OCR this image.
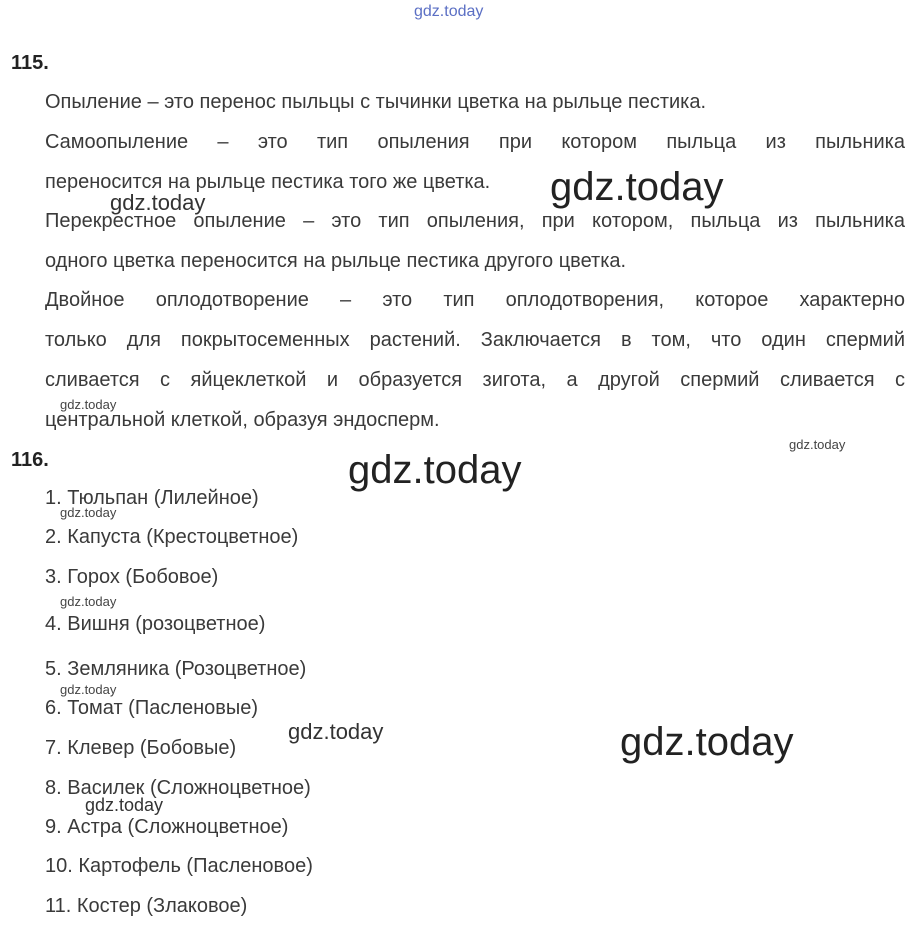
gdz.today
115.
Опыление – это перенос пыльцы с тычинки цветка на рыльце пестика.
Самоопыление – это тип опыления при котором пыльца из пыльника
переносится на рыльце пестика того же цветка.
Перекрестное опыление – это тип опыления, при котором, пыльца из пыльника
одного цветка переносится на рыльце пестика другого цветка.
Двойное оплодотворение – это тип оплодотворения, которое характерно
только для покрытосеменных растений. Заключается в том, что один спермий
сливается с яйцеклеткой и образуется зигота, а другой спермий сливается с
центральной клеткой, образуя эндосперм.
116.
1. Тюльпан (Лилейное)
2. Капуста (Крестоцветное)
3. Горох (Бобовое)
4. Вишня (розоцветное)
5. Земляника (Розоцветное)
6. Томат (Пасленовые)
7. Клевер (Бобовые)
8. Василек (Сложноцветное)
9. Астра (Сложноцветное)
10. Картофель (Пасленовое)
11. Костер (Злаковое)
gdz.today	gdz.today
gdz.today
gdz.today
gdz.today
gdz.today
gdz.today
gdz.today
gdz.today	gdz.today
gdz.today
